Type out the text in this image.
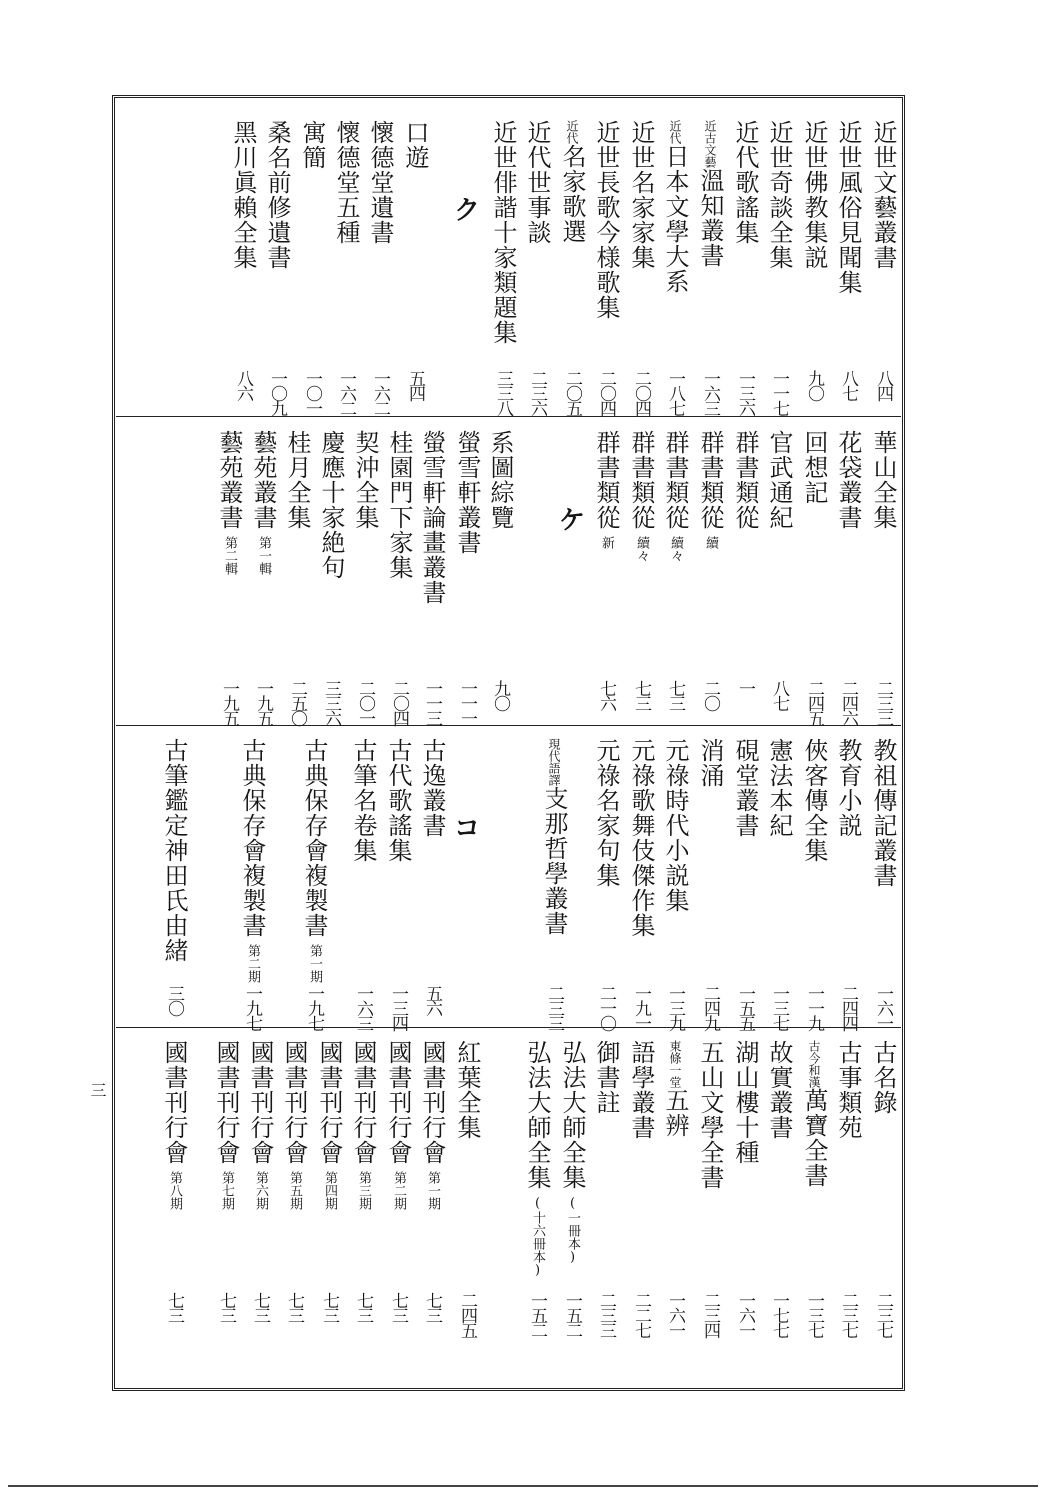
近世文藝叢書
八四
近世風俗見聞集
八七
近世佛教集説
九〇
近世奇談全集
一一七
近代歌謠集
一三六
近古文藝溫知叢書
一六三
近代日本文學大系
一八七
近世名家家集
二〇四
近世長歌今様歌集
二〇四
近代名家歌選
二〇五
近代世事談
二三六
近世俳諧十家類題集
三三八
ク
口遊
五四
懷德堂遺書
一六二
懷德堂五種
一六二
寓簡
一〇一
桑名前修遺書
一〇九
黑川眞賴全集
八六
華山全集
二三三
花袋叢書
二四六
回想記
二四五
官武通紀
八七
群書類從
一
群書類從續
二〇
群書類從續々
七三
群書類從續々
七三
群書類從新
七六
ケ
系圖綜覽
九〇
螢雪軒叢書
一一一
螢雪軒論畫叢書
一一三
桂園門下家集
二〇四
契沖全集
二〇一
慶應十家絶句
三三六
桂月全集
二五〇
藝苑叢書第一輯
一九五
藝苑叢書第二輯
一九五
教祖傳記叢書
一六一
教育小説
二四四
俠客傳全集
一一九
憲法本紀
一三七
硯堂叢書
一五五
消涌
二四九
元祿時代小説集
一三九
元祿歌舞伎傑作集
一九一
元祿名家句集
二一〇
現代語譯支那哲學叢書
二三三
コ
古逸叢書
五六
古代歌謠集
一三四
古筆名卷集
一六三
古典保存會複製書第一期
一九七
古典保存會複製書第二期
一九七
古筆鑑定神田氏由緒
三〇
古名錄
二三七
古事類苑
二三七
古今和漢萬寶全書
一三七
故實叢書
一七七
湖山樓十種
一六一
五山文學全書
二三四
東條一堂五辨
一六一
語學叢書
二二七
御書註
二三三
弘法大師全集(一冊本)
一五二
弘法大師全集(十六冊本)
一五二
紅葉全集
二四五
國書刊行會第一期
七三
國書刊行會第二期
七三
國書刊行會第三期
七三
國書刊行會第四期
七三
國書刊行會第五期
七三
國書刊行會第六期
七三
國書刊行會第七期
七三
國書刊行會第八期
七三
三
